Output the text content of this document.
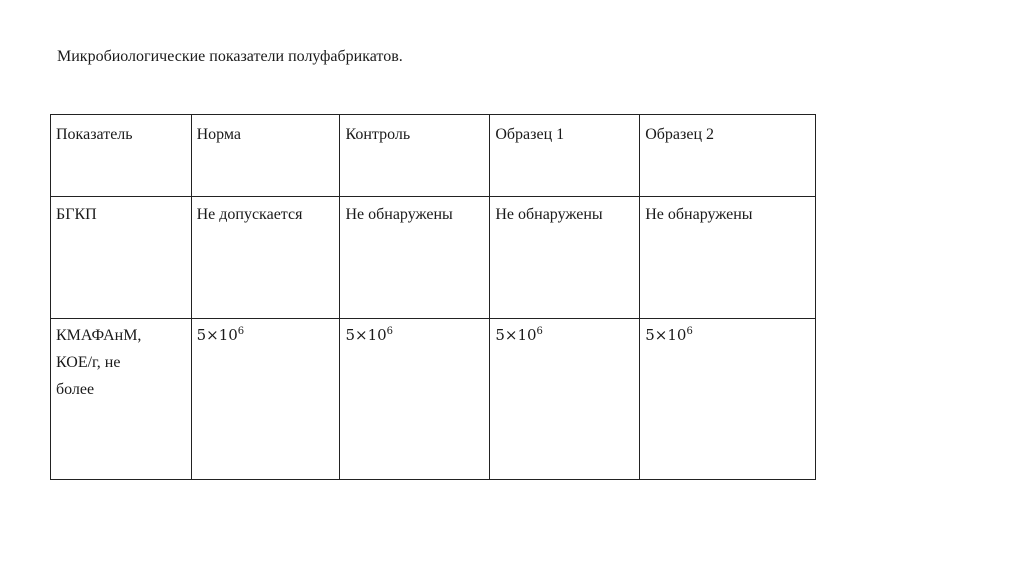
Микробиологические показатели полуфабрикатов.
Показатель	Норма	Контроль	Образец 1	Образец 2
БГКП	Не допускается	Не обнаружены	Не обнаружены	Не обнаружены

КМАФАнМ,
КОЕ/г, не
более	$5\times 10^6$	$5\times 10^6$	$5\times 10^6$	$5\times 10^6$
